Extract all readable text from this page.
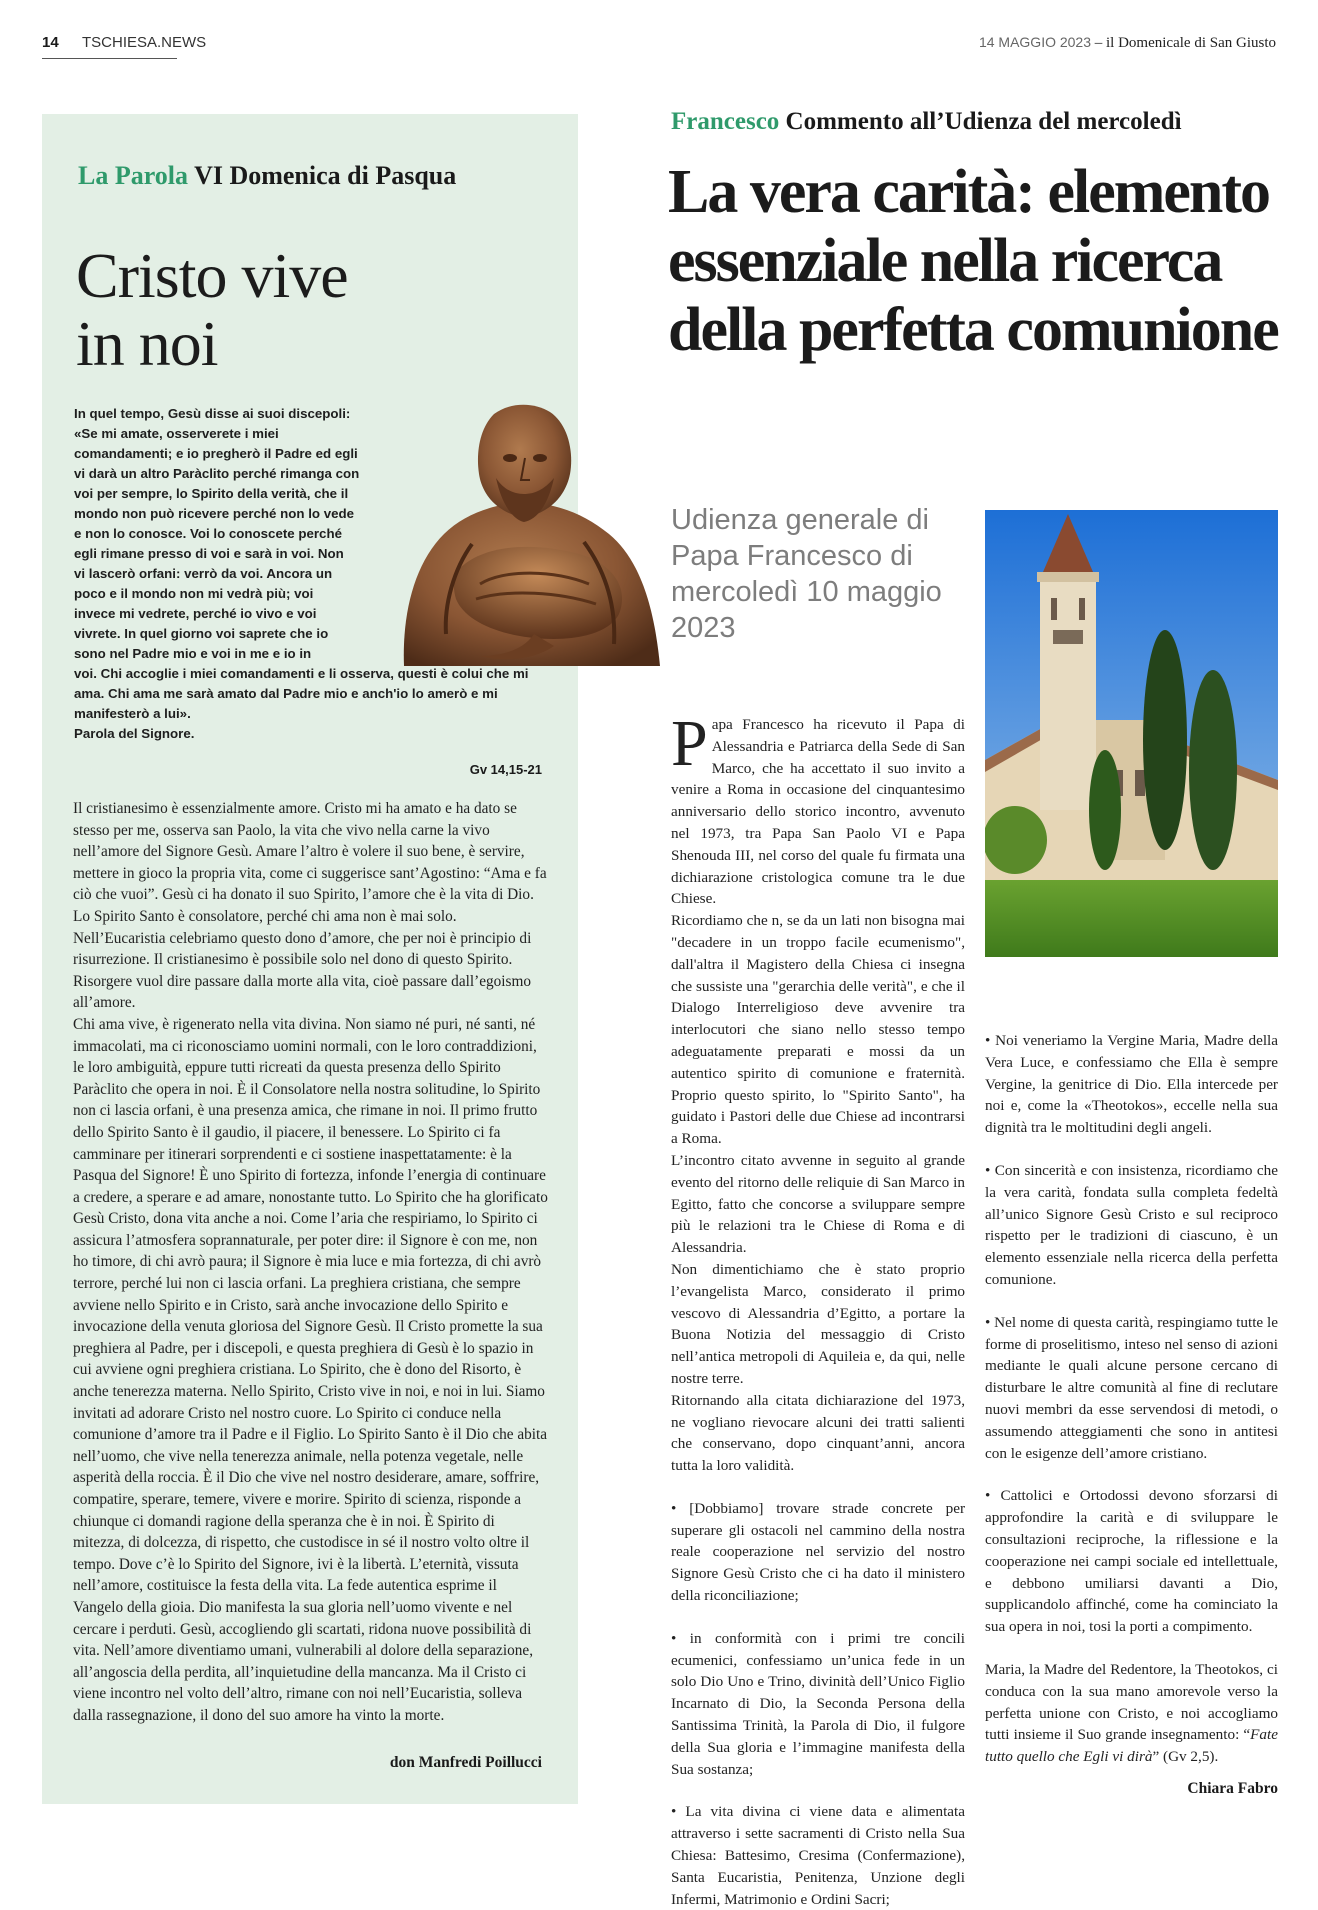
14 TSCHIESA.NEWS	14 MAGGIO 2023 – il Domenicale di San Giusto
La Parola VI Domenica di Pasqua
Cristo vive
in noi
In quel tempo, Gesù disse ai suoi discepoli: «Se mi amate, osserverete i miei comandamenti; e io pregherò il Padre ed egli vi darà un altro Paràclito perché rimanga con voi per sempre, lo Spirito della verità, che il mondo non può ricevere perché non lo vede e non lo conosce. Voi lo conoscete perché egli rimane presso di voi e sarà in voi. Non vi lascerò orfani: verrò da voi. Ancora un poco e il mondo non mi vedrà più; voi invece mi vedrete, perché io vivo e voi vivrete. In quel giorno voi saprete che io sono nel Padre mio e voi in me e io in voi. Chi accoglie i miei comandamenti e li osserva, questi è colui che mi ama. Chi ama me sarà amato dal Padre mio e anch'io lo amerò e mi manifesterò a lui».
Parola del Signore.
Gv 14,15-21

Il cristianesimo è essenzialmente amore. Cristo mi ha amato e ha dato se stesso per me, osserva san Paolo, la vita che vivo nella carne la vivo nell’amore del Signore Gesù. Amare l’altro è volere il suo bene, è servire, mettere in gioco la propria vita, come ci suggerisce sant’Agostino: “Ama e fa ciò che vuoi”. Gesù ci ha donato il suo Spirito, l’amore che è la vita di Dio. Lo Spirito Santo è consolatore, perché chi ama non è mai solo. Nell’Eucaristia celebriamo questo dono d’amore, che per noi è principio di risurrezione. Il cristianesimo è possibile solo nel dono di questo Spirito.

Risorgere vuol dire passare dalla morte alla vita, cioè passare dall’egoismo all’amore.

Chi ama vive, è rigenerato nella vita divina. Non siamo né puri, né santi, né immacolati, ma ci riconosciamo uomini normali, con le loro contraddizioni, le loro ambiguità, eppure tutti ricreati da questa presenza dello Spirito Paràclito che opera in noi. È il Consolatore nella nostra solitudine, lo Spirito non ci lascia orfani, è una presenza amica, che rimane in noi. Il primo frutto dello Spirito Santo è il gaudio, il piacere, il benessere. Lo Spirito ci fa camminare per itinerari sorprendenti e ci sostiene inaspettatamente: è la Pasqua del Signore! È uno Spirito di fortezza, infonde l’energia di continuare a credere, a sperare e ad amare, nonostante tutto. Lo Spirito che ha glorificato Gesù Cristo, dona vita anche a noi. Come l’aria che respiriamo, lo Spirito ci assicura l’atmosfera soprannaturale, per poter dire: il Signore è con me, non ho timore, di chi avrò paura; il Signore è mia luce e mia fortezza, di chi avrò terrore, perché lui non ci lascia orfani. La preghiera cristiana, che sempre avviene nello Spirito e in Cristo, sarà anche invocazione dello Spirito e invocazione della venuta gloriosa del Signore Gesù. Il Cristo promette la sua preghiera al Padre, per i discepoli, e questa preghiera di Gesù è lo spazio in cui avviene ogni preghiera cristiana. Lo Spirito, che è dono del Risorto, è anche tenerezza materna. Nello Spirito, Cristo vive in noi, e noi in lui. Siamo invitati ad adorare Cristo nel nostro cuore. Lo Spirito ci conduce nella comunione d’amore tra il Padre e il Figlio. Lo Spirito Santo è il Dio che abita nell’uomo, che vive nella tenerezza animale, nella potenza vegetale, nelle asperità della roccia. È il Dio che vive nel nostro desiderare, amare, soffrire, compatire, sperare, temere, vivere e morire. Spirito di scienza, risponde a chiunque ci domandi ragione della speranza che è in noi. È Spirito di mitezza, di dolcezza, di rispetto, che custodisce in sé il nostro volto oltre il tempo. Dove c’è lo Spirito del Signore, ivi è la libertà. L’eternità, vissuta nell’amore, costituisce la festa della vita. La fede autentica esprime il Vangelo della gioia. Dio manifesta la sua gloria nell’uomo vivente e nel cercare i perduti. Gesù, accogliendo gli scartati, ridona nuove possibilità di vita. Nell’amore diventiamo umani, vulnerabili al dolore della separazione, all’angoscia della perdita, all’inquietudine della mancanza. Ma il Cristo ci viene incontro nel volto dell’altro, rimane con noi nell’Eucaristia, solleva dalla rassegnazione, il dono del suo amore ha vinto la morte.

don Manfredi Poillucci
Francesco Commento all’Udienza del mercoledì
La vera carità: elemento essenziale nella ricerca della perfetta comunione
Udienza generale di Papa Francesco di mercoledì 10 maggio 2023

Papa Francesco ha ricevuto il Papa di Alessandria e Patriarca della Sede di San Marco, che ha accettato il suo invito a venire a Roma in occasione del cinquantesimo anniversario dello storico incontro, avvenuto nel 1973, tra Papa San Paolo VI e Papa Shenouda III, nel corso del quale fu firmata una dichiarazione cristologica comune tra le due Chiese.

Ricordiamo che n, se da un lati non bisogna mai "decadere in un troppo facile ecumenismo", dall'altra il Magistero della Chiesa ci insegna che sussiste una "gerarchia delle verità", e che il Dialogo Interreligioso deve avvenire tra interlocutori che siano nello stesso tempo adeguatamente preparati e mossi da un autentico spirito di comunione e fraternità. Proprio questo spirito, lo "Spirito Santo", ha guidato i Pastori delle due Chiese ad incontrarsi a Roma.

L’incontro citato avvenne in seguito al grande evento del ritorno delle reliquie di San Marco in Egitto, fatto che concorse a sviluppare sempre più le relazioni tra le Chiese di Roma e di Alessandria.

Non dimentichiamo che è stato proprio l’evangelista Marco, considerato il primo vescovo di Alessandria d’Egitto, a portare la Buona Notizia del messaggio di Cristo nell’antica metropoli di Aquileia e, da qui, nelle nostre terre.

Ritornando alla citata dichiarazione del 1973, ne vogliano rievocare alcuni dei tratti salienti che conservano, dopo cinquant’anni, ancora tutta la loro validità.

• [Dobbiamo] trovare strade concrete per superare gli ostacoli nel cammino della nostra reale cooperazione nel servizio del nostro Signore Gesù Cristo che ci ha dato il ministero della riconciliazione;

• in conformità con i primi tre concili ecumenici, confessiamo un’unica fede in un solo Dio Uno e Trino, divinità dell’Unico Figlio Incarnato di Dio, la Seconda Persona della Santissima Trinità, la Parola di Dio, il fulgore della Sua gloria e l’immagine manifesta della Sua sostanza;

• La vita divina ci viene data e alimentata attraverso i sette sacramenti di Cristo nella Sua Chiesa: Battesimo, Cresima (Confermazione), Santa Eucaristia, Penitenza, Unzione degli Infermi, Matrimonio e Ordini Sacri;

• Noi veneriamo la Vergine Maria, Madre della Vera Luce, e confessiamo che Ella è sempre Vergine, la genitrice di Dio. Ella intercede per noi e, come la «Theotokos», eccelle nella sua dignità tra le moltitudini degli angeli.

• Con sincerità e con insistenza, ricordiamo che la vera carità, fondata sulla completa fedeltà all’unico Signore Gesù Cristo e sul reciproco rispetto per le tradizioni di ciascuno, è un elemento essenziale nella ricerca della perfetta comunione.

• Nel nome di questa carità, respingiamo tutte le forme di proselitismo, inteso nel senso di azioni mediante le quali alcune persone cercano di disturbare le altre comunità al fine di reclutare nuovi membri da esse servendosi di metodi, o assumendo atteggiamenti che sono in antitesi con le esigenze dell’amore cristiano.

• Cattolici e Ortodossi devono sforzarsi di approfondire la carità e di sviluppare le consultazioni reciproche, la riflessione e la cooperazione nei campi sociale ed intellettuale, e debbono umiliarsi davanti a Dio, supplicandolo affinché, come ha cominciato la sua opera in noi, tosi la porti a compimento.

Maria, la Madre del Redentore, la Theotokos, ci conduca con la sua mano amorevole verso la perfetta unione con Cristo, e noi accogliamo tutti insieme il Suo grande insegnamento: “Fate tutto quello che Egli vi dirà” (Gv 2,5).

Chiara Fabro
